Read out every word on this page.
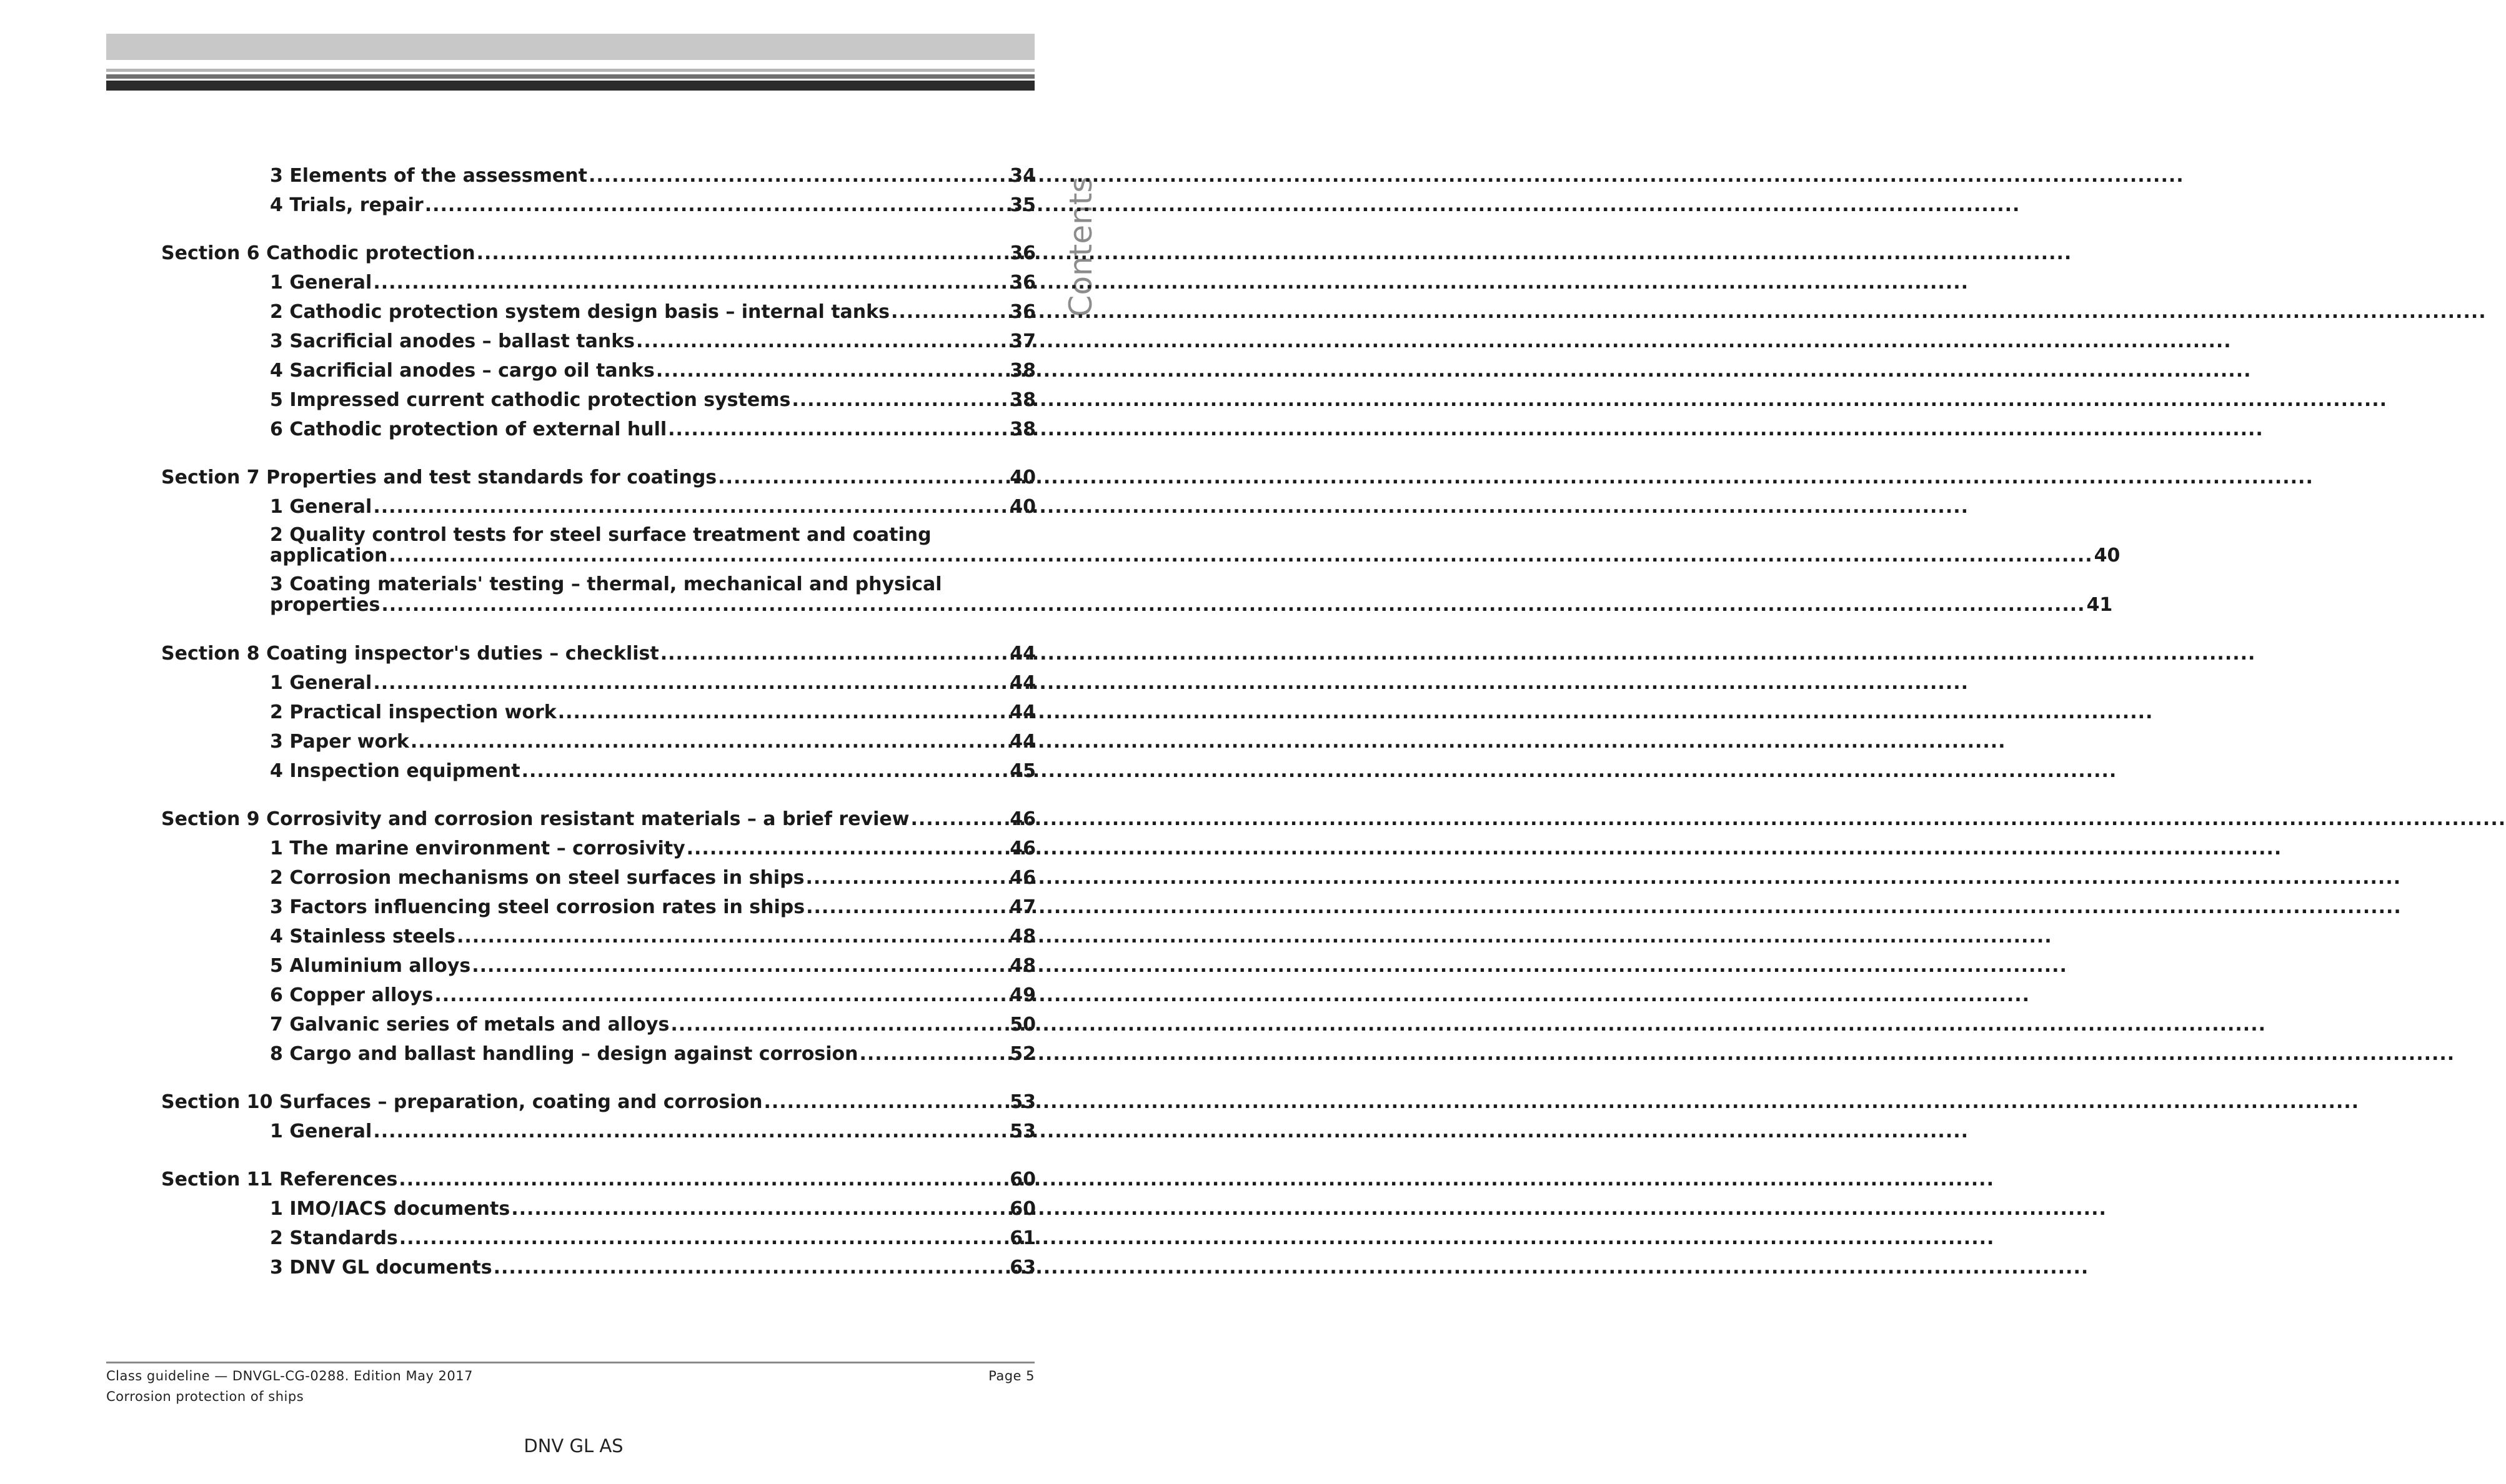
Contents
3 Elements of the assessment .....	34
4 Trials, repair .....	35
Section 6 Cathodic protection .....	36
1 General .....	36
2 Cathodic protection system design basis – internal tanks .....	36
3 Sacrificial anodes – ballast tanks .....	37
4 Sacrificial anodes – cargo oil tanks .....	38
5 Impressed current cathodic protection systems .....	38
6 Cathodic protection of external hull .....	38
Section 7 Properties and test standards for coatings .....	40
1 General .....	40
2 Quality control tests for steel surface treatment and coating
application ............................................................................................................................................................................................................................ 40
3 Coating materials' testing – thermal, mechanical and physical
properties ............................................................................................................................................................................................................................ 41
Section 8 Coating inspector's duties – checklist .....	44
1 General .....	44
2 Practical inspection work .....	44
3 Paper work .....	44
4 Inspection equipment .....	45
Section 9 Corrosivity and corrosion resistant materials – a brief review .....	46
1 The marine environment – corrosivity .....	46
2 Corrosion mechanisms on steel surfaces in ships .....	46
3 Factors influencing steel corrosion rates in ships .....	47
4 Stainless steels .....	48
5 Aluminium alloys .....	48
6 Copper alloys .....	49
7 Galvanic series of metals and alloys .....	50
8 Cargo and ballast handling – design against corrosion .....	52
Section 10 Surfaces – preparation, coating and corrosion .....	53
1 General .....	53
Section 11 References .....	60
1 IMO/IACS documents .....	60
2 Standards .....	61
3 DNV GL documents .....	63
Class guideline — DNVGL-CG-0288. Edition May 2017
Corrosion protection of ships
Page 5
DNV GL AS
